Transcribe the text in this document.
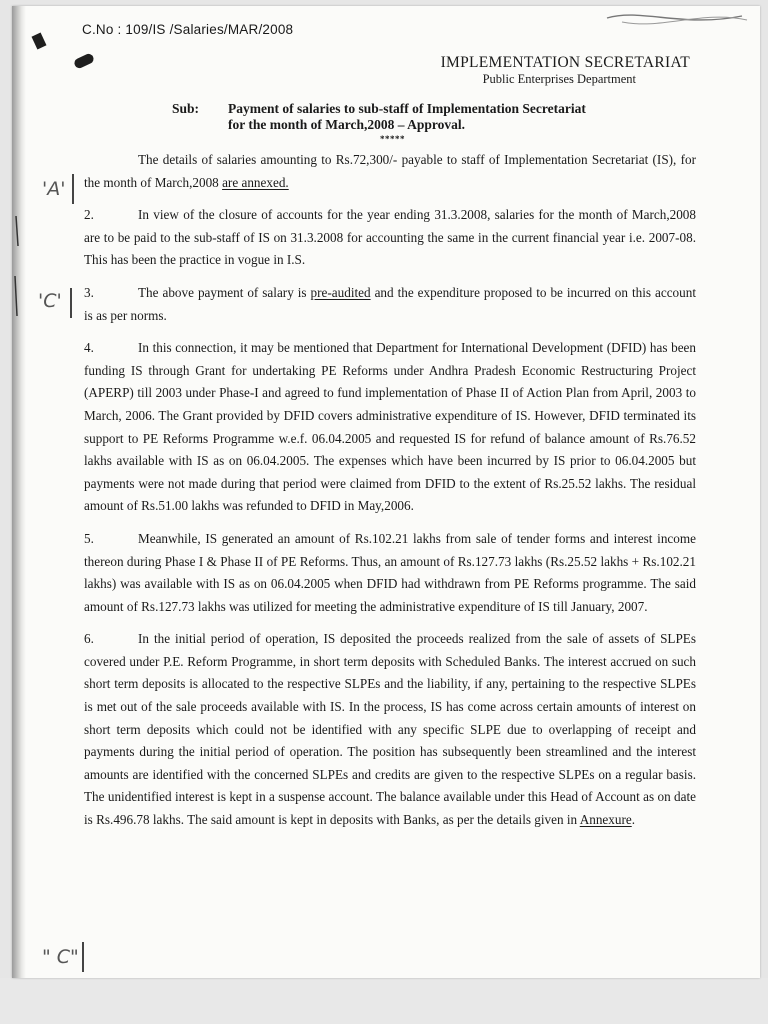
C.No : 109/IS /Salaries/MAR/2008
IMPLEMENTATION SECRETARIAT
Public Enterprises Department
Sub: Payment of salaries to sub-staff of Implementation Secretariat
for the month of March,2008 – Approval.
*****

The details of salaries amounting to Rs.72,300/- payable to staff of Implementation Secretariat (IS), for the month of March,2008 are annexed.

2.	In view of the closure of accounts for the year ending 31.3.2008, salaries for the month of March,2008 are to be paid to the sub-staff of IS on 31.3.2008 for accounting the same in the current financial year i.e. 2007-08. This has been the practice in vogue in I.S.

3.	The above payment of salary is pre-audited and the expenditure proposed to be incurred on this account is as per norms.

4.	In this connection, it may be mentioned that Department for International Development (DFID) has been funding IS through Grant for undertaking PE Reforms under Andhra Pradesh Economic Restructuring Project (APERP) till 2003 under Phase-I and agreed to fund implementation of Phase II of Action Plan from April, 2003 to March, 2006. The Grant provided by DFID covers administrative expenditure of IS. However, DFID terminated its support to PE Reforms Programme w.e.f. 06.04.2005 and requested IS for refund of balance amount of Rs.76.52 lakhs available with IS as on 06.04.2005. The expenses which have been incurred by IS prior to 06.04.2005 but payments were not made during that period were claimed from DFID to the extent of Rs.25.52 lakhs. The residual amount of Rs.51.00 lakhs was refunded to DFID in May,2006.

5.	Meanwhile, IS generated an amount of Rs.102.21 lakhs from sale of tender forms and interest income thereon during Phase I & Phase II of PE Reforms. Thus, an amount of Rs.127.73 lakhs (Rs.25.52 lakhs + Rs.102.21 lakhs) was available with IS as on 06.04.2005 when DFID had withdrawn from PE Reforms programme. The said amount of Rs.127.73 lakhs was utilized for meeting the administrative expenditure of IS till January, 2007.

6.	In the initial period of operation, IS deposited the proceeds realized from the sale of assets of SLPEs covered under P.E. Reform Programme, in short term deposits with Scheduled Banks. The interest accrued on such short term deposits is allocated to the respective SLPEs and the liability, if any, pertaining to the respective SLPEs is met out of the sale proceeds available with IS. In the process, IS has come across certain amounts of interest on short term deposits which could not be identified with any specific SLPE due to overlapping of receipt and payments during the initial period of operation. The position has subsequently been streamlined and the interest amounts are identified with the concerned SLPEs and credits are given to the respective SLPEs on a regular basis. The unidentified interest is kept in a suspense account. The balance available under this Head of Account as on date is Rs.496.78 lakhs. The said amount is kept in deposits with Banks, as per the details given in Annexure.

'A'
'C'
" C"
